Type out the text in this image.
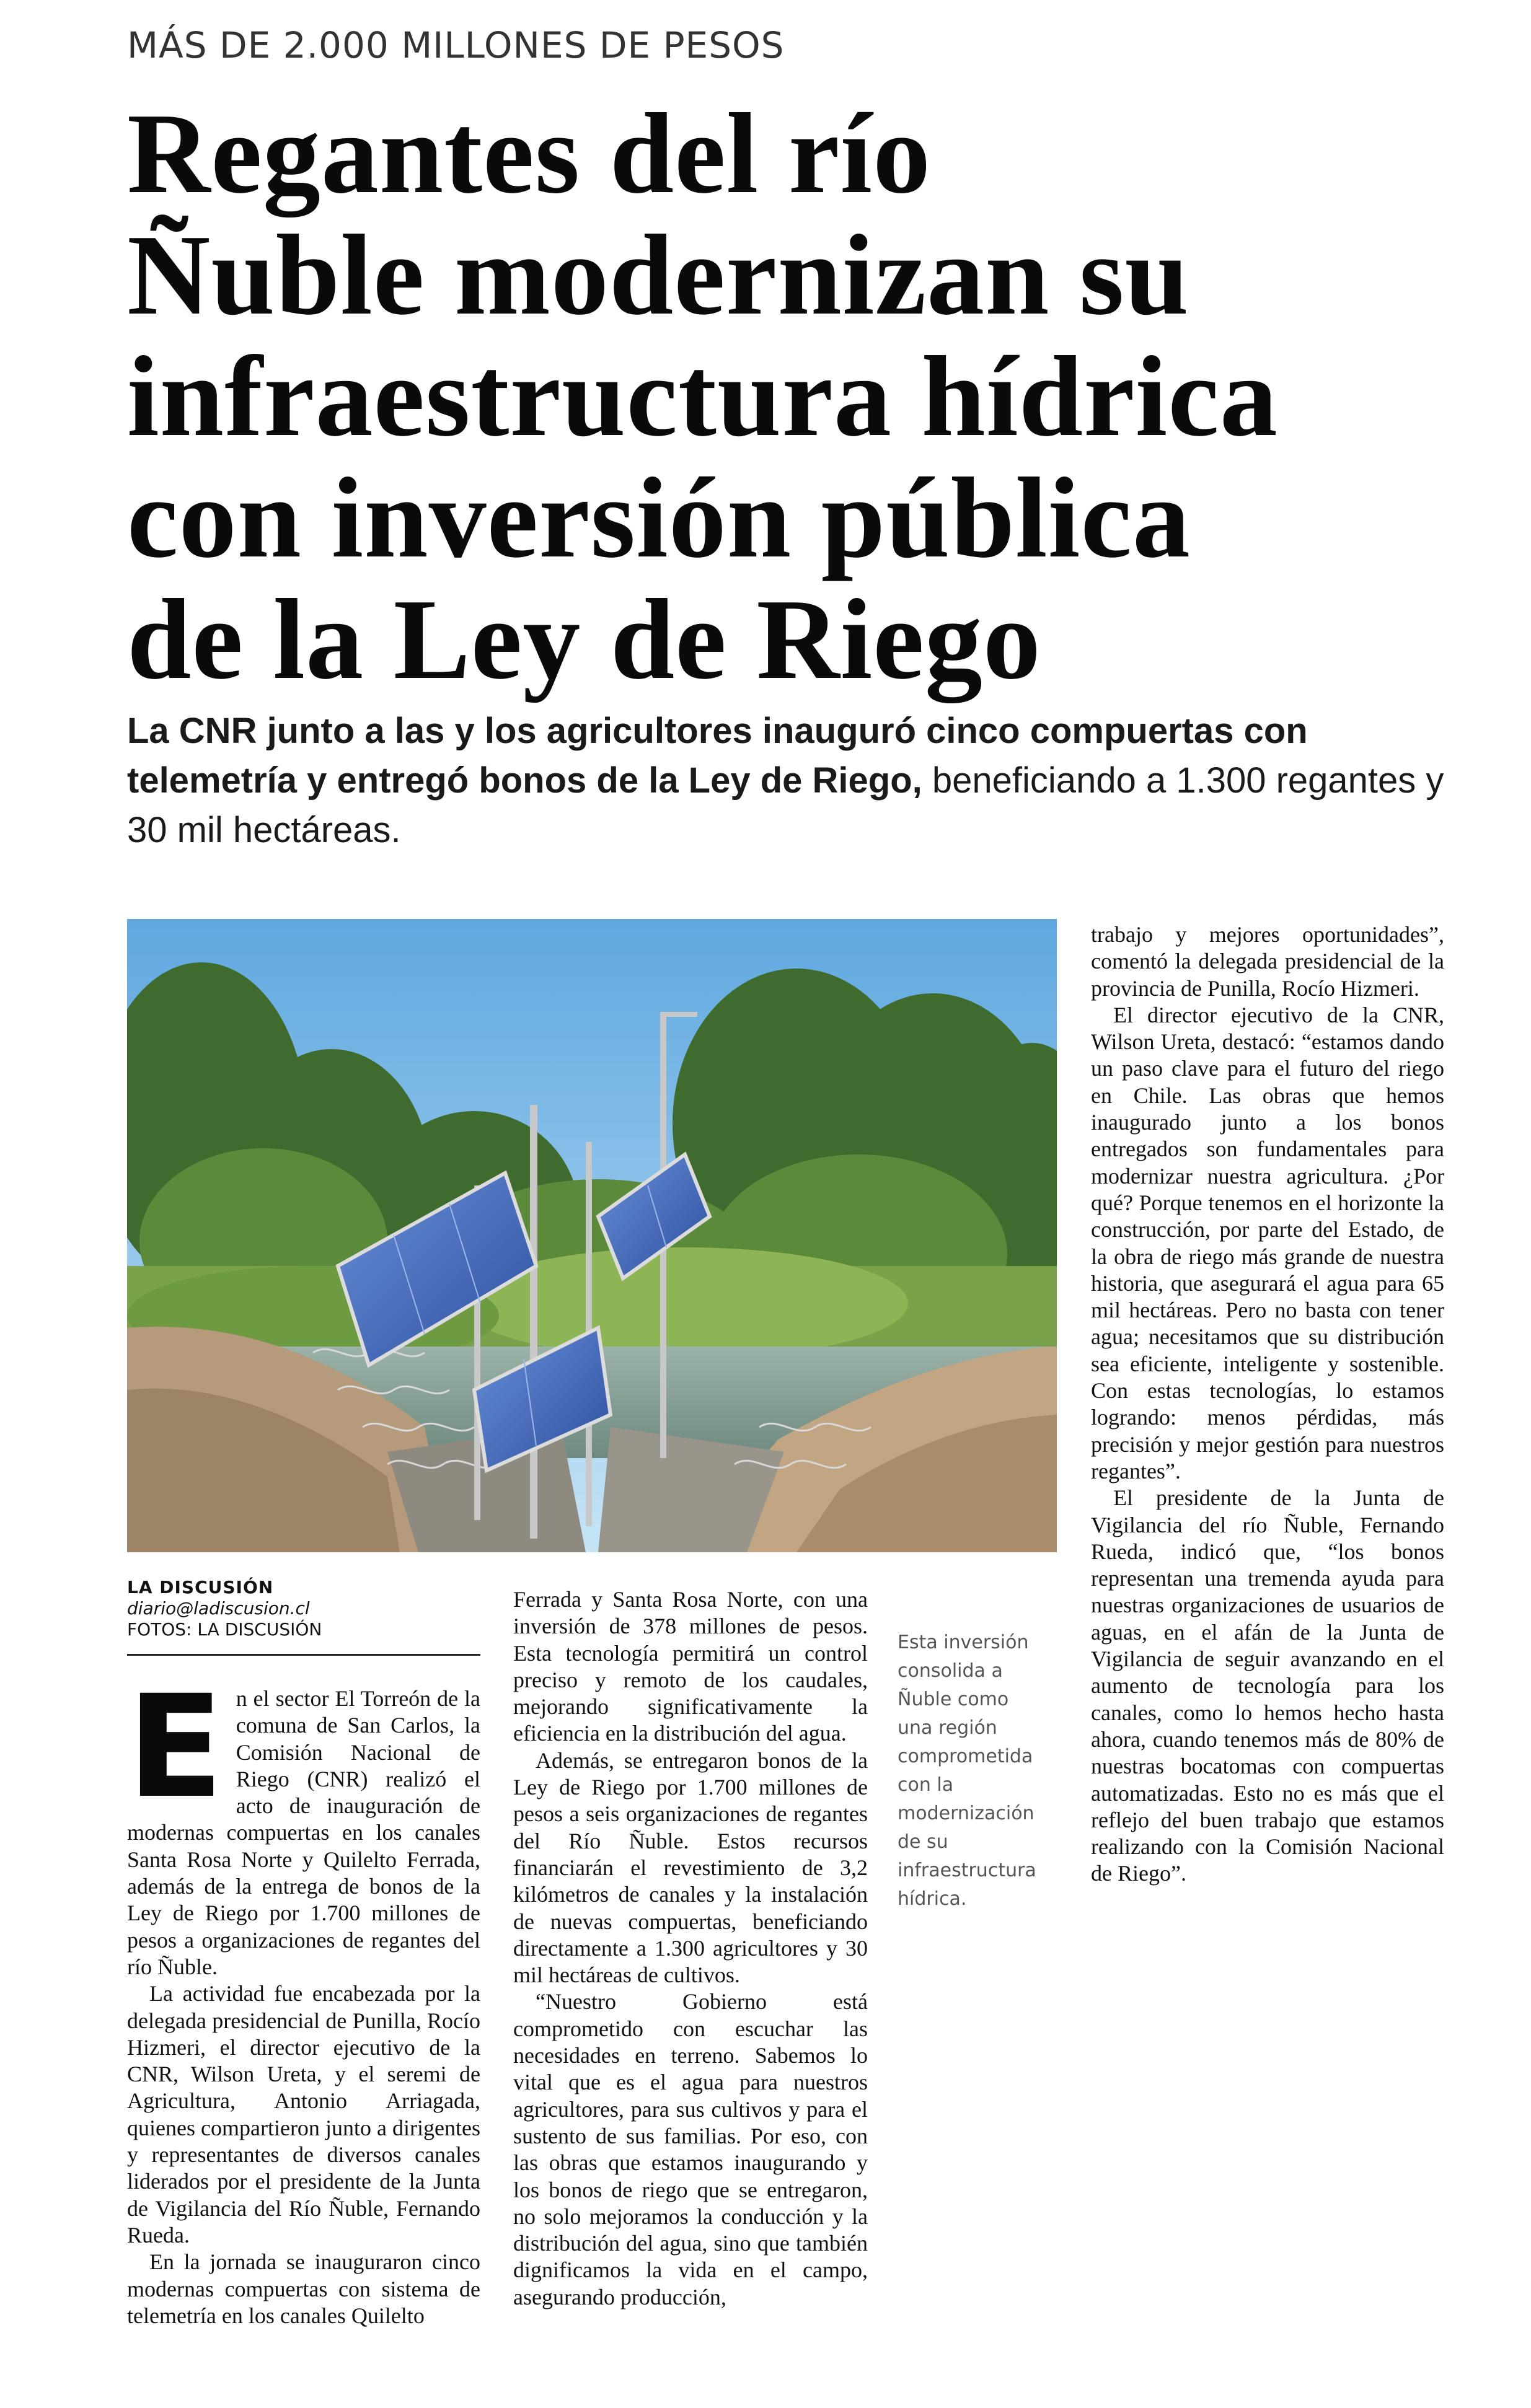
MÁS DE 2.000 MILLONES DE PESOS
Regantes del río
Ñuble modernizan su
infraestructura hídrica
con inversión pública
de la Ley de Riego
La CNR junto a las y los agricultores inauguró cinco compuertas con telemetría y entregó bonos de la Ley de Riego, beneficiando a 1.300 regantes y 30 mil hectáreas.
LA DISCUSIÓN
diario@ladiscusion.cl
FOTOS: LA DISCUSIÓN
E n el sector El Torreón de la comuna de San Carlos, la Comisión Nacional de Riego (CNR) realizó el acto de inauguración de modernas compuertas en los canales Santa Rosa Norte y Quilelto Ferrada, además de la entrega de bonos de la Ley de Riego por 1.700 millones de pesos a organizaciones de regantes del río Ñuble.

La actividad fue encabezada por la delegada presidencial de Punilla, Rocío Hizmeri, el director ejecutivo de la CNR, Wilson Ureta, y el seremi de Agricultura, Antonio Arriagada, quienes compartieron junto a dirigentes y representantes de diversos canales liderados por el presidente de la Junta de Vigilancia del Río Ñuble, Fernando Rueda.

En la jornada se inauguraron cinco modernas compuertas con sistema de telemetría en los canales Quilelto

Ferrada y Santa Rosa Norte, con una inversión de 378 millones de pesos. Esta tecnología permitirá un control preciso y remoto de los caudales, mejorando significativamente la eficiencia en la distribución del agua.

Además, se entregaron bonos de la Ley de Riego por 1.700 millones de pesos a seis organizaciones de regantes del Río Ñuble. Estos recursos financiarán el revestimiento de 3,2 kilómetros de canales y la instalación de nuevas compuertas, beneficiando directamente a 1.300 agricultores y 30 mil hectáreas de cultivos.

“Nuestro Gobierno está comprometido con escuchar las necesidades en terreno. Sabemos lo vital que es el agua para nuestros agricultores, para sus cultivos y para el sustento de sus familias. Por eso, con las obras que estamos inaugurando y los bonos de riego que se entregaron, no solo mejoramos la conducción y la distribución del agua, sino que también dignificamos la vida en el campo, asegurando producción,

Esta inversión consolida a Ñuble como una región comprometida con la modernización de su infraestructura hídrica.

trabajo y mejores oportunidades”, comentó la delegada presidencial de la provincia de Punilla, Rocío Hizmeri.

El director ejecutivo de la CNR, Wilson Ureta, destacó: “estamos dando un paso clave para el futuro del riego en Chile. Las obras que hemos inaugurado junto a los bonos entregados son fundamentales para modernizar nuestra agricultura. ¿Por qué? Porque tenemos en el horizonte la construcción, por parte del Estado, de la obra de riego más grande de nuestra historia, que asegurará el agua para 65 mil hectáreas. Pero no basta con tener agua; necesitamos que su distribución sea eficiente, inteligente y sostenible. Con estas tecnologías, lo estamos logrando: menos pérdidas, más precisión y mejor gestión para nuestros regantes”.

El presidente de la Junta de Vigilancia del río Ñuble, Fernando Rueda, indicó que, “los bonos representan una tremenda ayuda para nuestras organizaciones de usuarios de aguas, en el afán de la Junta de Vigilancia de seguir avanzando en el aumento de tecnología para los canales, como lo hemos hecho hasta ahora, cuando tenemos más de 80% de nuestras bocatomas con compuertas automatizadas. Esto no es más que el reflejo del buen trabajo que estamos realizando con la Comisión Nacional de Riego”.
